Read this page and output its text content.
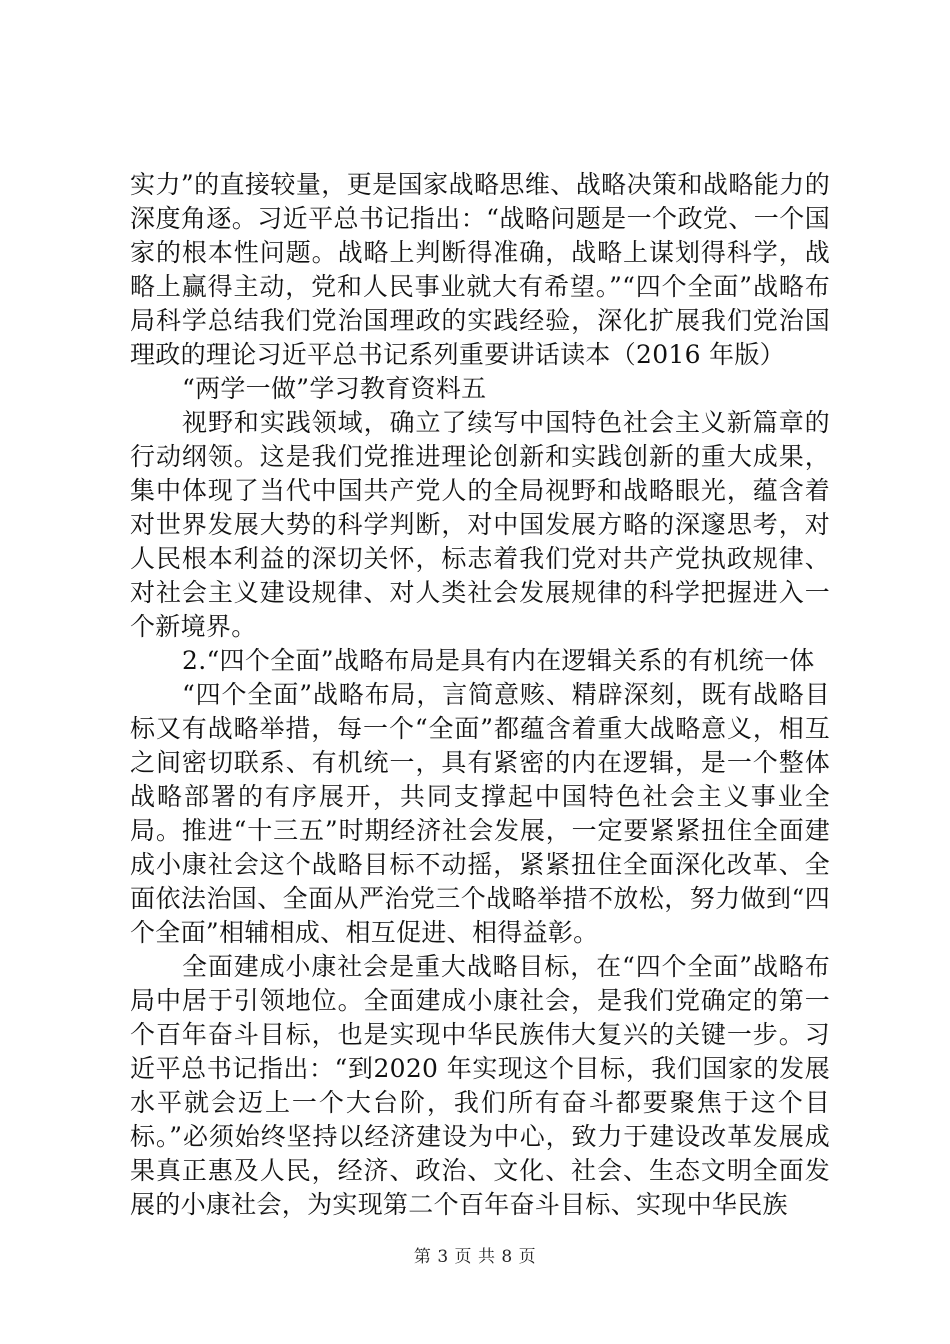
实力”的直接较量，更是国家战略思维、战略决策和战略能力的深度角逐。习近平总书记指出：“战略问题是一个政党、一个国家的根本性问题。战略上判断得准确，战略上谋划得科学，战略上赢得主动，党和人民事业就大有希望。”“四个全面”战略布局科学总结我们党治国理政的实践经验，深化扩展我们党治国理政的理论习近平总书记系列重要讲话读本（2016 年版）

“两学一做”学习教育资料五

视野和实践领域，确立了续写中国特色社会主义新篇章的行动纲领。这是我们党推进理论创新和实践创新的重大成果，集中体现了当代中国共产党人的全局视野和战略眼光，蕴含着对世界发展大势的科学判断，对中国发展方略的深邃思考，对人民根本利益的深切关怀，标志着我们党对共产党执政规律、对社会主义建设规律、对人类社会发展规律的科学把握进入一个新境界。

2.“四个全面”战略布局是具有内在逻辑关系的有机统一体

“四个全面”战略布局，言简意赅、精辟深刻，既有战略目标又有战略举措，每一个“全面”都蕴含着重大战略意义，相互之间密切联系、有机统一，具有紧密的内在逻辑，是一个整体战略部署的有序展开，共同支撑起中国特色社会主义事业全局。推进“十三五”时期经济社会发展，一定要紧紧扭住全面建成小康社会这个战略目标不动摇，紧紧扭住全面深化改革、全面依法治国、全面从严治党三个战略举措不放松，努力做到“四个全面”相辅相成、相互促进、相得益彰。

全面建成小康社会是重大战略目标，在“四个全面”战略布局中居于引领地位。全面建成小康社会，是我们党确定的第一个百年奋斗目标，也是实现中华民族伟大复兴的关键一步。习近平总书记指出：“到2020 年实现这个目标，我们国家的发展水平就会迈上一个大台阶，我们所有奋斗都要聚焦于这个目标。”必须始终坚持以经济建设为中心，致力于建设改革发展成果真正惠及人民，经济、政治、文化、社会、生态文明全面发展的小康社会，为实现第二个百年奋斗目标、实现中华民族

第 3 页 共 8 页
